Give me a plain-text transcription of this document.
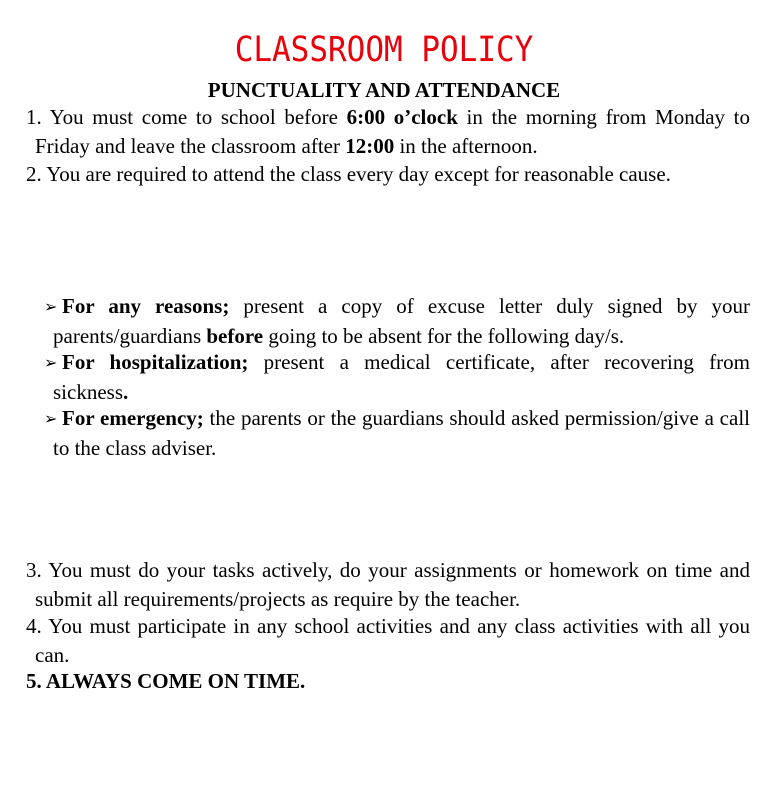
CLASSROOM POLICY
PUNCTUALITY AND ATTENDANCE
1. You must come to school before 6:00 o’clock in the morning from Monday to Friday and leave the classroom after 12:00 in the afternoon.
2. You are required to attend the class every day except for reasonable cause.
➢ For any reasons; present a copy of excuse letter duly signed by your parents/guardians before going to be absent for the following day/s.
➢ For hospitalization; present a medical certificate, after recovering from sickness.
➢ For emergency; the parents or the guardians should asked permission/give a call to the class adviser.
3. You must do your tasks actively, do your assignments or homework on time and submit all requirements/projects as require by the teacher.
4. You must participate in any school activities and any class activities with all you can.
5. ALWAYS COME ON TIME.
